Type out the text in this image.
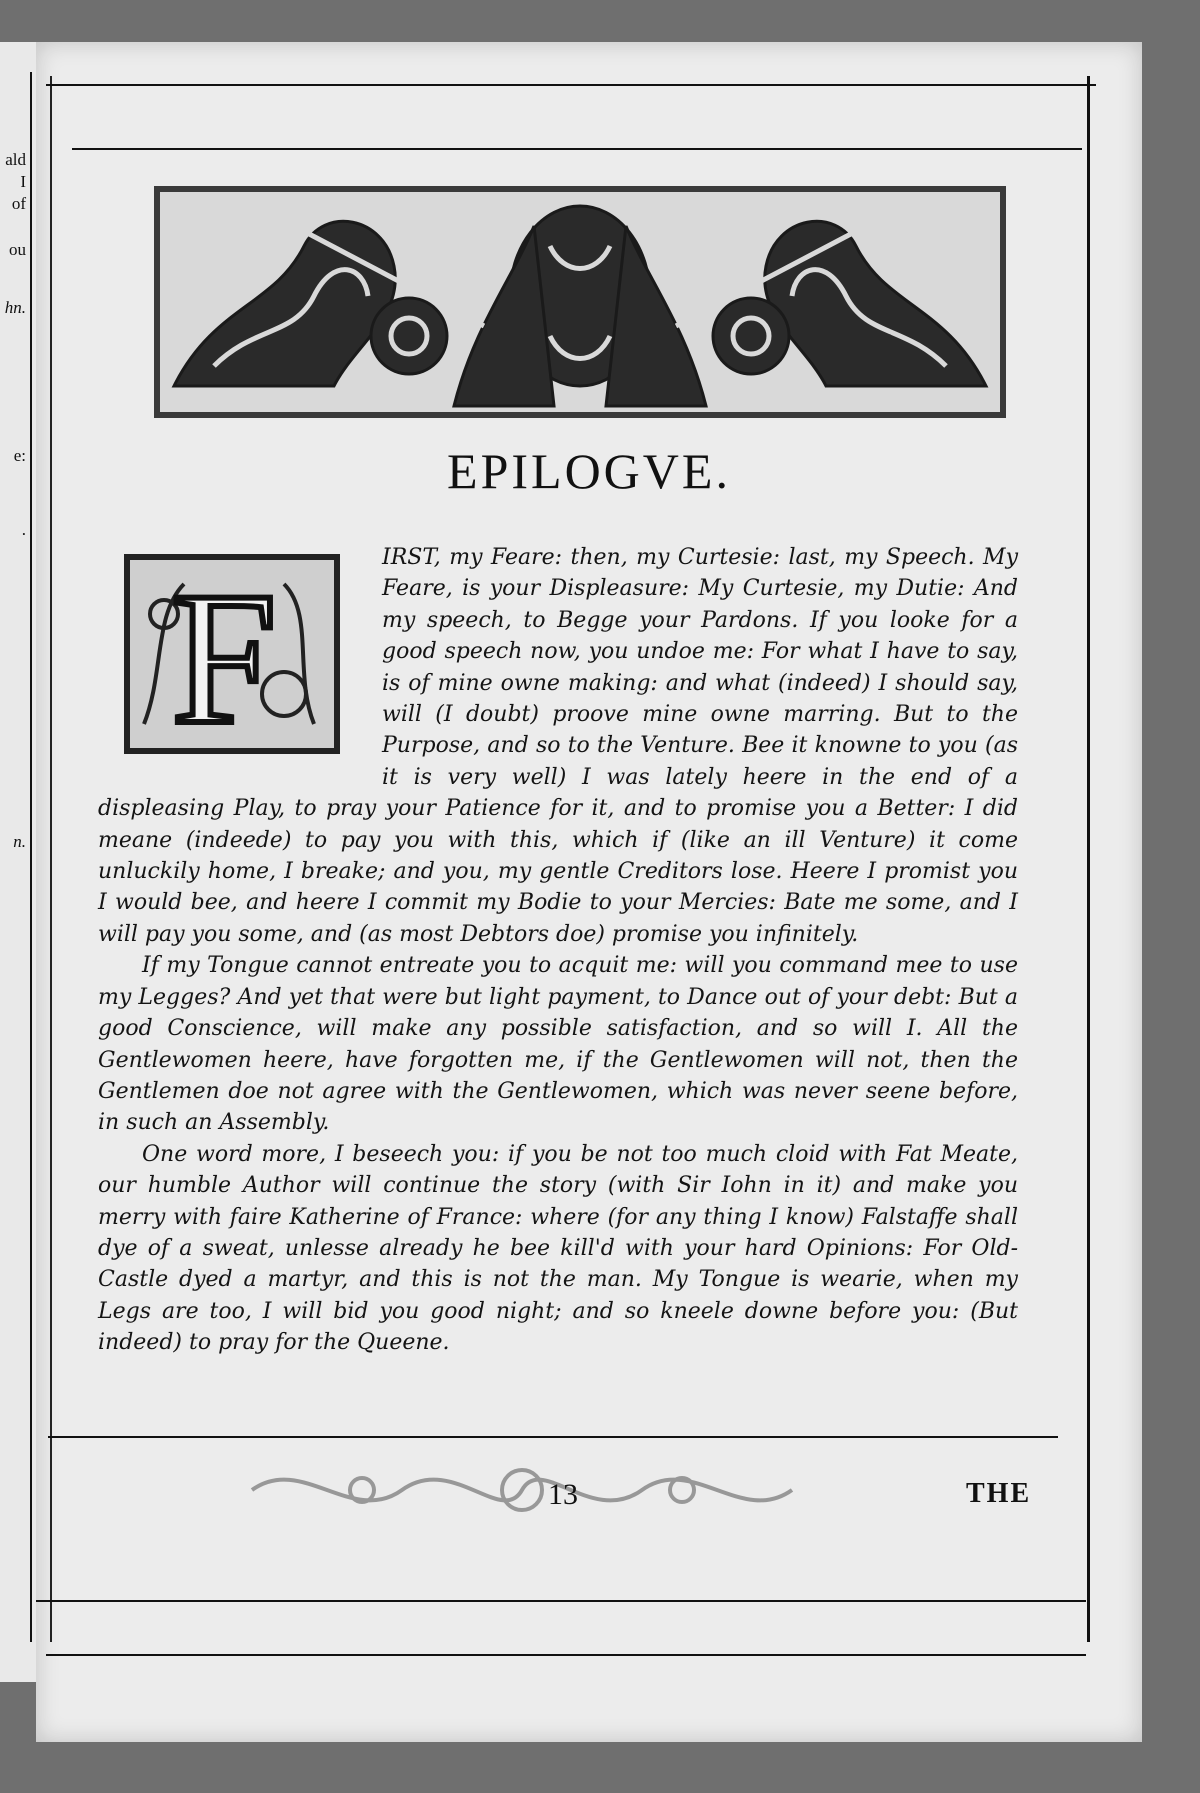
ald
I
of
ou
hn.
e:
.
n.
EPILOGVE.
F	IRST, my Feare: then, my Curtesie: last, my Speech. My Feare, is your Displeasure: My Curtesie, my Dutie: And my speech, to Begge your Pardons. If you looke for a good speech now, you undoe me: For what I have to say, is of mine owne making: and what (indeed) I should say, will (I doubt) proove mine owne marring. But to the Purpose, and so to the Venture. Bee it knowne to you (as it is very well) I was lately heere in the end of a displeasing Play, to pray your Patience for it, and to promise you a Better: I did meane (indeede) to pay you with this, which if (like an ill Venture) it come unluckily home, I breake; and you, my gentle Creditors lose. Heere I promist you I would bee, and heere I commit my Bodie to your Mercies: Bate me some, and I will pay you some, and (as most Debtors doe) promise you infinitely.

If my Tongue cannot entreate you to acquit me: will you command mee to use my Legges? And yet that were but light payment, to Dance out of your debt: But a good Conscience, will make any possible satisfaction, and so will I. All the Gentlewomen heere, have forgotten me, if the Gentlewomen will not, then the Gentlemen doe not agree with the Gentlewomen, which was never seene before, in such an Assembly.

One word more, I beseech you: if you be not too much cloid with Fat Meate, our humble Author will continue the story (with Sir Iohn in it) and make you merry with faire Katherine of France: where (for any thing I know) Falstaffe shall dye of a sweat, unlesse already he bee kill'd with your hard Opinions: For Old-Castle dyed a martyr, and this is not the man. My Tongue is wearie, when my Legs are too, I will bid you good night; and so kneele downe before you: (But indeed) to pray for the Queene.

13	THE
